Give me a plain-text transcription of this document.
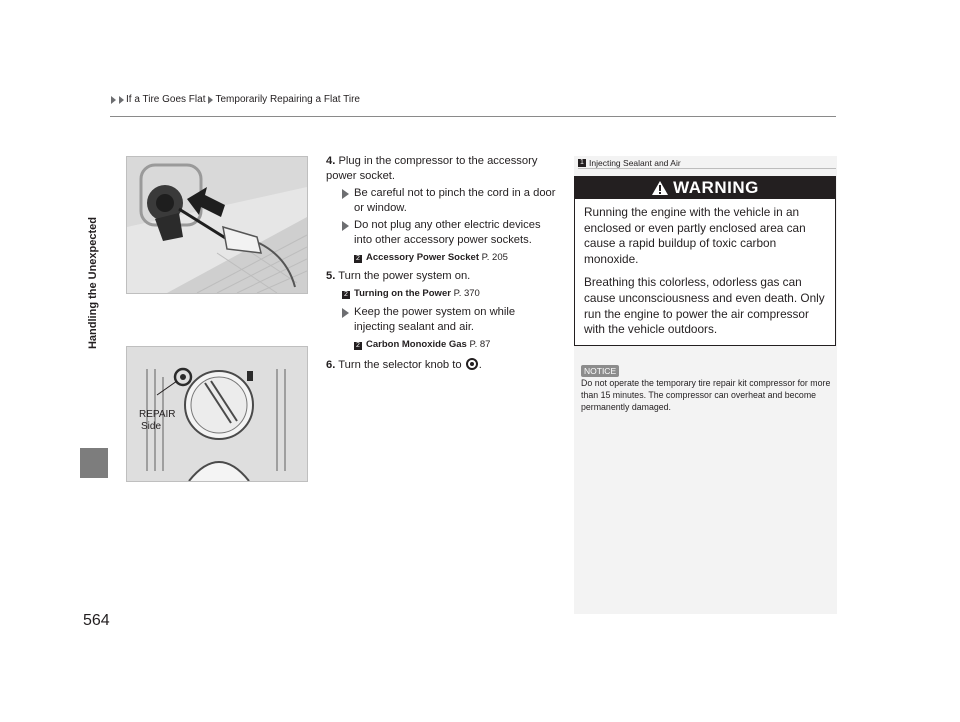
If a Tire Goes Flat Temporarily Repairing a Flat Tire
Handling the Unexpected
564
REPAIR
Side
4. Plug in the compressor to the accessory power socket.
Be careful not to pinch the cord in a door or window.
Do not plug any other electric devices into other accessory power sockets.
2 Accessory Power Socket P. 205
5. Turn the power system on.
2 Turning on the Power P. 370
Keep the power system on while injecting sealant and air.
2 Carbon Monoxide Gas P. 87
6. Turn the selector knob to .
1 Injecting Sealant and Air
WARNING

Running the engine with the vehicle in an enclosed or even partly enclosed area can cause a rapid buildup of toxic carbon monoxide.

Breathing this colorless, odorless gas can cause unconsciousness and even death. Only run the engine to power the air compressor with the vehicle outdoors.

NOTICE
Do not operate the temporary tire repair kit compressor for more than 15 minutes. The compressor can overheat and become permanently damaged.
